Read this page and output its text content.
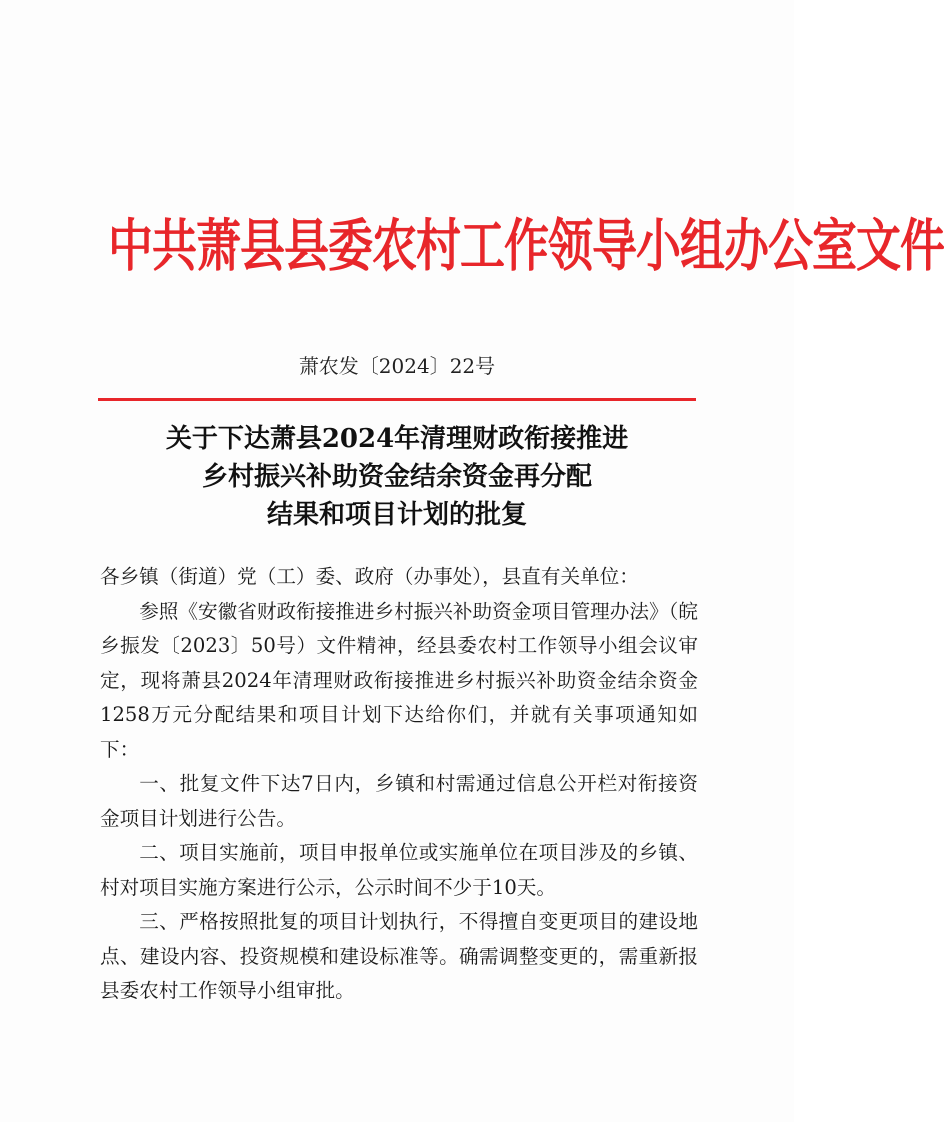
中共萧县县委农村工作领导小组办公室文件
萧农发〔2024〕22号
关于下达萧县2024年清理财政衔接推进
乡村振兴补助资金结余资金再分配
结果和项目计划的批复

各乡镇（街道）党（工）委、政府（办事处），县直有关单位：

参照《安徽省财政衔接推进乡村振兴补助资金项目管理办法》（皖乡振发〔2023〕50号）文件精神，经县委农村工作领导小组会议审定，现将萧县2024年清理财政衔接推进乡村振兴补助资金结余资金1258万元分配结果和项目计划下达给你们，并就有关事项通知如下：

一、批复文件下达7日内，乡镇和村需通过信息公开栏对衔接资金项目计划进行公告。

二、项目实施前，项目申报单位或实施单位在项目涉及的乡镇、村对项目实施方案进行公示，公示时间不少于10天。

三、严格按照批复的项目计划执行，不得擅自变更项目的建设地点、建设内容、投资规模和建设标准等。确需调整变更的，需重新报县委农村工作领导小组审批。
